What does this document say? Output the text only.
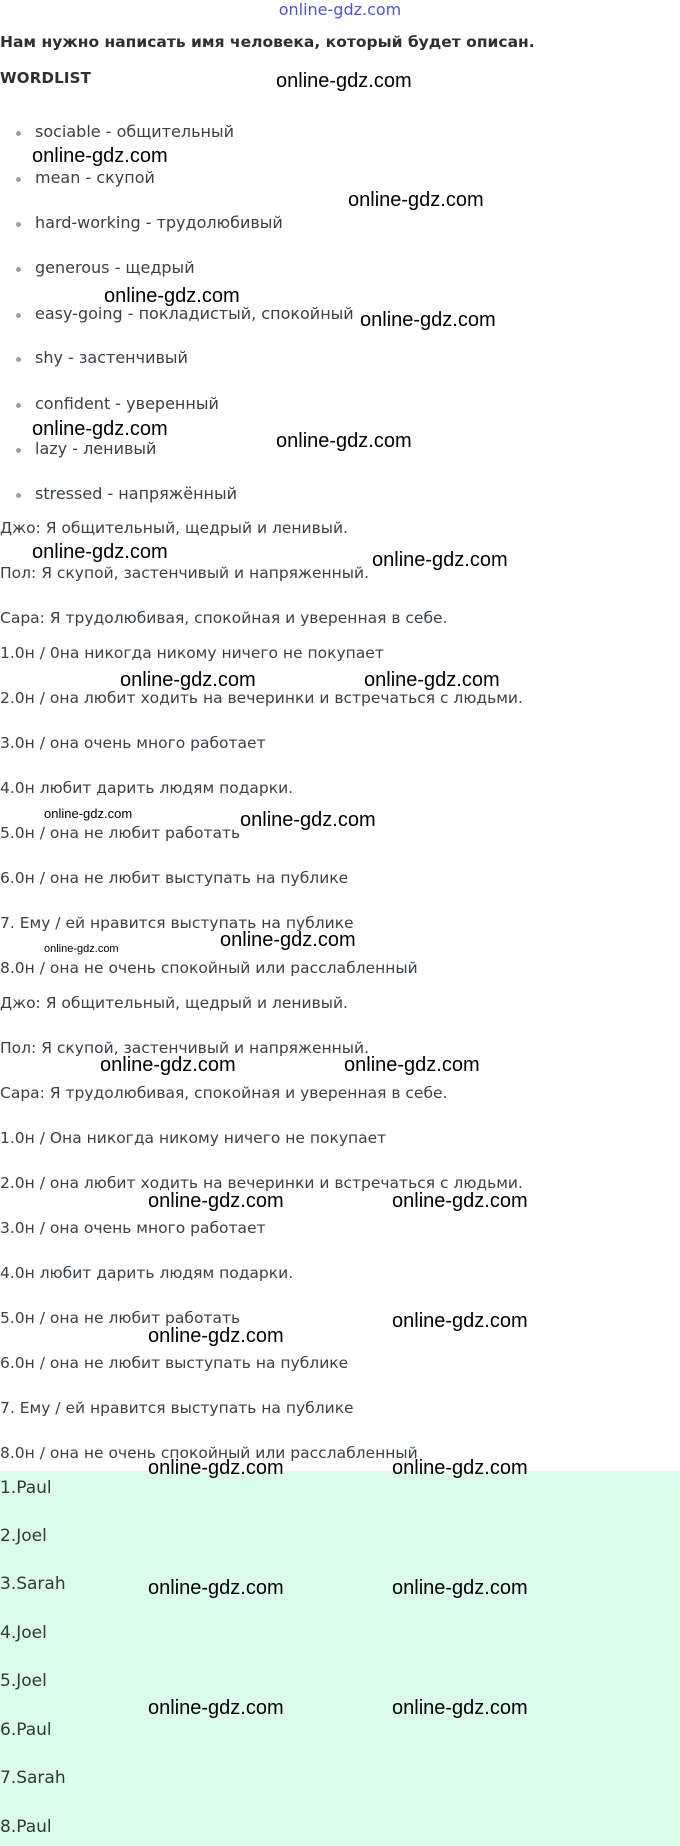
online-gdz.com
Нам нужно написать имя человека, который будет описан.
WORDLIST
sociable - общительный
mean - скупой
hard-working - трудолюбивый
generous - щедрый
easy-going - покладистый, спокойный
shy - застенчивый
confident - уверенный
lazy - ленивый
stressed - напряжённый
Джо: Я общительный, щедрый и ленивый.
Пол: Я скупой, застенчивый и напряженный.
Сара: Я трудолюбивая, спокойная и уверенная в себе.
1.0н / 0на никогда никому ничего не покупает
2.0н / она любит ходить на вечеринки и встречаться с людьми.
3.0н / она очень много работает
4.0н любит дарить людям подарки.
5.0н / она не любит работать
6.0н / она не любит выступать на публике
7. Ему / ей нравится выступать на публике
8.0н / она не очень спокойный или расслабленный
Джо: Я общительный, щедрый и ленивый.
Пол: Я скупой, застенчивый и напряженный.
Сара: Я трудолюбивая, спокойная и уверенная в себе.
1.0н / Она никогда никому ничего не покупает
2.0н / она любит ходить на вечеринки и встречаться с людьми.
3.0н / она очень много работает
4.0н любит дарить людям подарки.
5.0н / она не любит работать
6.0н / она не любит выступать на публике
7. Ему / ей нравится выступать на публике
8.0н / она не очень спокойный или расслабленный
1.Paul
2.Joel
3.Sarah
4.Joel
5.Joel
6.Paul
7.Sarah
8.Paul
online-gdz.com
online-gdz.com
online-gdz.com
online-gdz.com
online-gdz.com
online-gdz.com
online-gdz.com
online-gdz.com	online-gdz.com
online-gdz.com	online-gdz.com
online-gdz.com	online-gdz.com
online-gdz.com
online-gdz.com
online-gdz.com	online-gdz.com
online-gdz.com	online-gdz.com
online-gdz.com
online-gdz.com
online-gdz.com	online-gdz.com
online-gdz.com	online-gdz.com
online-gdz.com	online-gdz.com
